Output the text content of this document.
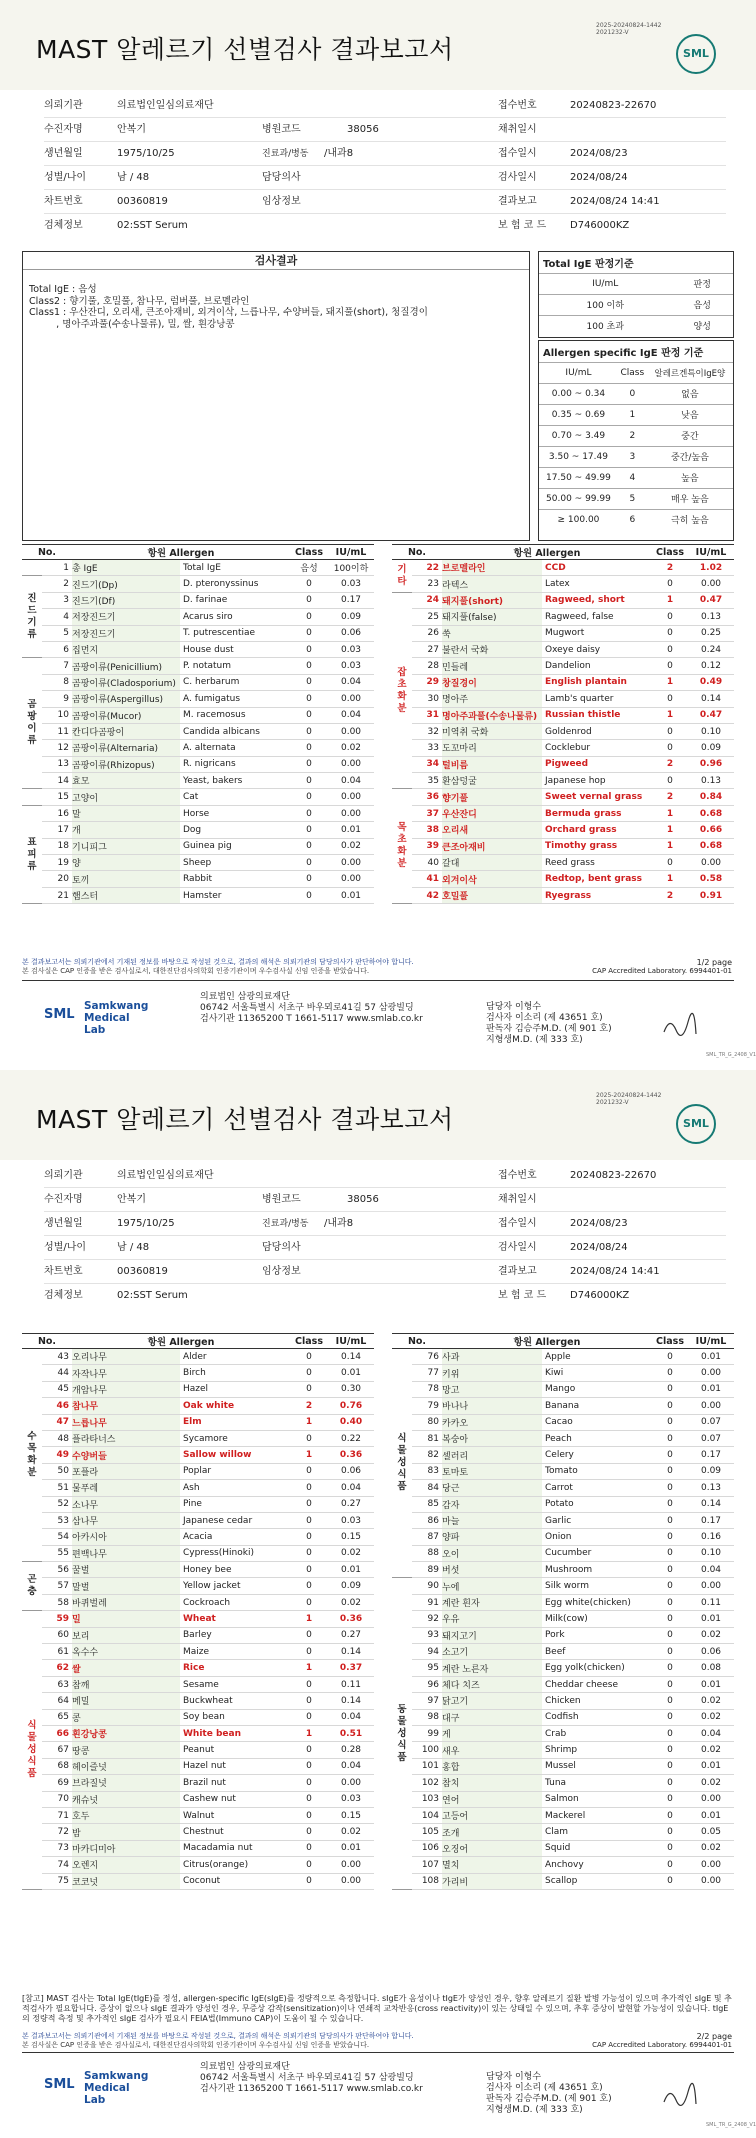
MAST 알레르기 선별검사 결과보고서
2025-20240824-1442
2021232-V
SML
의뢰기관	의료법인일심의료재단	접수번호	20240823-22670
수진자명	안복기	병원코드	38056	채취일시
생년월일	1975/10/25	진료과/병동 /내과8	접수일시	2024/08/23
성별/나이	남 / 48	담당의사	검사일시	2024/08/24
차트번호	00360819	임상정보	결과보고	2024/08/24 14:41
검체정보	02:SST Serum	보 험 코 드 D746000KZ
검사결과
Total IgE : 음성
Class2 : 향기풀, 호밀풀, 참나무, 럼버풀, 브로멜라인
Class1 : 우산잔디, 오리새, 큰조아재비, 외겨이삭, 느릅나무, 수양버들, 돼지풀(short), 청질경이
, 명아주과풀(수송나물류), 밀, 쌀, 흰강낭콩
Total IgE 판정기준	
IU/mL	판정
100 이하	음성
100 초과	양성
Allergen specific IgE 판정 기준		
IU/mL	Class	알레르겐특이IgE양
0.00 ~ 0.34	0	없음
0.35 ~ 0.69	1	낮음
0.70 ~ 3.49	2	중간
3.50 ~ 17.49	3	중간/높음
17.50 ~ 49.99	4	높음
50.00 ~ 99.99	5	매우 높음
≥ 100.00	6	극히 높음
No.		항원 Allergen		Class	IU/mL
	1	총 IgE	Total IgE	음성	100이하

진
드
기
류	2	진드기(Dp)	D. pteronyssinus	0	0.03
	3	진드기(Df)	D. farinae	0	0.17
	4	저장진드기	Acarus siro	0	0.09
	5	저장진드기	T. putrescentiae	0	0.06
	6	집먼지	House dust	0	0.03

곰
팡
이
류	7	곰팡이류(Penicillium)	P. notatum	0	0.03
	8	곰팡이류(Cladosporium)	C. herbarum	0	0.04
	9	곰팡이류(Aspergillus)	A. fumigatus	0	0.00
	10	곰팡이류(Mucor)	M. racemosus	0	0.04
	11	칸디다곰팡이	Candida albicans	0	0.00
	12	곰팡이류(Alternaria)	A. alternata	0	0.02
	13	곰팡이류(Rhizopus)	R. nigricans	0	0.00
	14	효모	Yeast, bakers	0	0.04
	15	고양이	Cat	0	0.00

표
피
류	16	말	Horse	0	0.00
	17	개	Dog	0	0.01
	18	기니피그	Guinea pig	0	0.02
	19	양	Sheep	0	0.00
	20	토끼	Rabbit	0	0.00
	21	햄스터	Hamster	0	0.01
No.		항원 Allergen		Class	IU/mL

기
타	22	브로멜라인	CCD	2	1.02
	23	라텍스	Latex	0	0.00

잡
초
화
분	24	돼지풀(short)	Ragweed, short	1	0.47
	25	돼지풀(false)	Ragweed, false	0	0.13
	26	쑥	Mugwort	0	0.25
	27	불란서 국화	Oxeye daisy	0	0.24
	28	민들레	Dandelion	0	0.12
	29	창질경이	English plantain	1	0.49
	30	명아주	Lamb's quarter	0	0.14
	31	명아주과풀(수송나물류)	Russian thistle	1	0.47
	32	미역취 국화	Goldenrod	0	0.10
	33	도꼬마리	Cocklebur	0	0.09
	34	털비름	Pigweed	2	0.96
	35	환삼덩굴	Japanese hop	0	0.13

목
초
화
분	36	향기풀	Sweet vernal grass	2	0.84
	37	우산잔디	Bermuda grass	1	0.68
	38	오리새	Orchard grass	1	0.66
	39	큰조아재비	Timothy grass	1	0.68
	40	갈대	Reed grass	0	0.00
	41	외겨이삭	Redtop, bent grass	1	0.58
	42	호밀풀	Ryegrass	2	0.91
본 결과보고서는 의뢰기관에서 기재된 정보를 바탕으로 작성된 것으로, 결과의 해석은 의뢰기관의 담당의사가 판단하여야 합니다.
본 검사실은 CAP 인증을 받은 검사실로서, 대한진단검사의학회 인증기관이며 우수검사실 신임 인증을 받았습니다.
1/2 page
CAP Accredited Laboratory. 6994401-01
SML
Samkwang
Medical Lab
의료법인 삼광의료재단
06742 서울특별시 서초구 바우뫼로41길 57 삼광빌딩
검사기관 11365200 T 1661-5117 www.smlab.co.kr
담당자 이형수
검사자 이소리 (제 43651 호)
판독자 김승주M.D. (제 901 호)
지형생M.D. (제 333 호)
SML_TR_G_2408_V1
MAST 알레르기 선별검사 결과보고서
2025-20240824-1442
2021232-V
SML
의뢰기관	의료법인일심의료재단	접수번호	20240823-22670
수진자명	안복기	병원코드	38056	채취일시
생년월일	1975/10/25	진료과/병동 /내과8	접수일시	2024/08/23
성별/나이	남 / 48	담당의사	검사일시	2024/08/24
차트번호	00360819	임상정보	결과보고	2024/08/24 14:41
검체정보	02:SST Serum	보 험 코 드 D746000KZ
No.		항원 Allergen		Class	IU/mL

수
목
화
분	43	오리나무	Alder	0	0.14
	44	자작나무	Birch	0	0.01
	45	개암나무	Hazel	0	0.30
	46	참나무	Oak white	2	0.76
	47	느릅나무	Elm	1	0.40
	48	플라타너스	Sycamore	0	0.22
	49	수양버들	Sallow willow	1	0.36
	50	포플라	Poplar	0	0.06
	51	물푸레	Ash	0	0.04
	52	소나무	Pine	0	0.27
	53	삼나무	Japanese cedar	0	0.03
	54	아카시아	Acacia	0	0.15
	55	편백나무	Cypress(Hinoki)	0	0.02

곤
충	56	꿀벌	Honey bee	0	0.01
	57	말벌	Yellow jacket	0	0.09
	58	바퀴벌레	Cockroach	0	0.02

식
물
성
식
품	59	밀	Wheat	1	0.36
	60	보리	Barley	0	0.27
	61	옥수수	Maize	0	0.14
	62	쌀	Rice	1	0.37
	63	참깨	Sesame	0	0.11
	64	메밀	Buckwheat	0	0.14
	65	콩	Soy bean	0	0.04
	66	흰강낭콩	White bean	1	0.51
	67	땅콩	Peanut	0	0.28
	68	헤이즐넛	Hazel nut	0	0.04
	69	브라질넛	Brazil nut	0	0.00
	70	캐슈넛	Cashew nut	0	0.03
	71	호두	Walnut	0	0.15
	72	밤	Chestnut	0	0.02
	73	마카디미아	Macadamia nut	0	0.01
	74	오렌지	Citrus(orange)	0	0.00
	75	코코넛	Coconut	0	0.00
No.		항원 Allergen		Class	IU/mL

식
물
성
식
품	76	사과	Apple	0	0.01
	77	키위	Kiwi	0	0.00
	78	망고	Mango	0	0.01
	79	바나나	Banana	0	0.00
	80	카카오	Cacao	0	0.07
	81	복숭아	Peach	0	0.07
	82	셀러리	Celery	0	0.17
	83	토마토	Tomato	0	0.09
	84	당근	Carrot	0	0.13
	85	감자	Potato	0	0.14
	86	마늘	Garlic	0	0.17
	87	양파	Onion	0	0.16
	88	오이	Cucumber	0	0.10
	89	버섯	Mushroom	0	0.04

동
물
성
식
품	90	누에	Silk worm	0	0.00
	91	계란 흰자	Egg white(chicken)	0	0.11
	92	우유	Milk(cow)	0	0.01
	93	돼지고기	Pork	0	0.02
	94	소고기	Beef	0	0.06
	95	계란 노른자	Egg yolk(chicken)	0	0.08
	96	체다 치즈	Cheddar cheese	0	0.01
	97	닭고기	Chicken	0	0.02
	98	대구	Codfish	0	0.02
	99	게	Crab	0	0.04
	100	새우	Shrimp	0	0.02
	101	홍합	Mussel	0	0.01
	102	참치	Tuna	0	0.02
	103	연어	Salmon	0	0.00
	104	고등어	Mackerel	0	0.01
	105	조개	Clam	0	0.05
	106	오징어	Squid	0	0.02
	107	멸치	Anchovy	0	0.00
	108	가리비	Scallop	0	0.00
[참고] MAST 검사는 Total IgE(tIgE)를 정성, allergen-specific IgE(sIgE)를 정량적으로 측정합니다. sIgE가 음성이나 tIgE가 양성인 경우, 향후 알레르기 질환 발병 가능성이 있으며 추가적인 sIgE 및 추적검사가 필요합니다. 증상이 없으나 sIgE 결과가 양성인 경우, 무증상 감작(sensitization)이나 연쇄적 교차반응(cross reactivity)이 있는 상태일 수 있으며, 추후 증상이 발현할 가능성이 있습니다. tIgE의 정량적 측정 및 추가적인 sIgE 검사가 필요시 FEIA법(Immuno CAP)이 도움이 될 수 있습니다.
본 결과보고서는 의뢰기관에서 기재된 정보를 바탕으로 작성된 것으로, 결과의 해석은 의뢰기관의 담당의사가 판단하여야 합니다.
본 검사실은 CAP 인증을 받은 검사실로서, 대한진단검사의학회 인증기관이며 우수검사실 신임 인증을 받았습니다.
2/2 page
CAP Accredited Laboratory. 6994401-01
SML
Samkwang
Medical Lab
의료법인 삼광의료재단
06742 서울특별시 서초구 바우뫼로41길 57 삼광빌딩
검사기관 11365200 T 1661-5117 www.smlab.co.kr
담당자 이형수
검사자 이소리 (제 43651 호)
판독자 김승주M.D. (제 901 호)
지형생M.D. (제 333 호)
SML_TR_G_2408_V1
